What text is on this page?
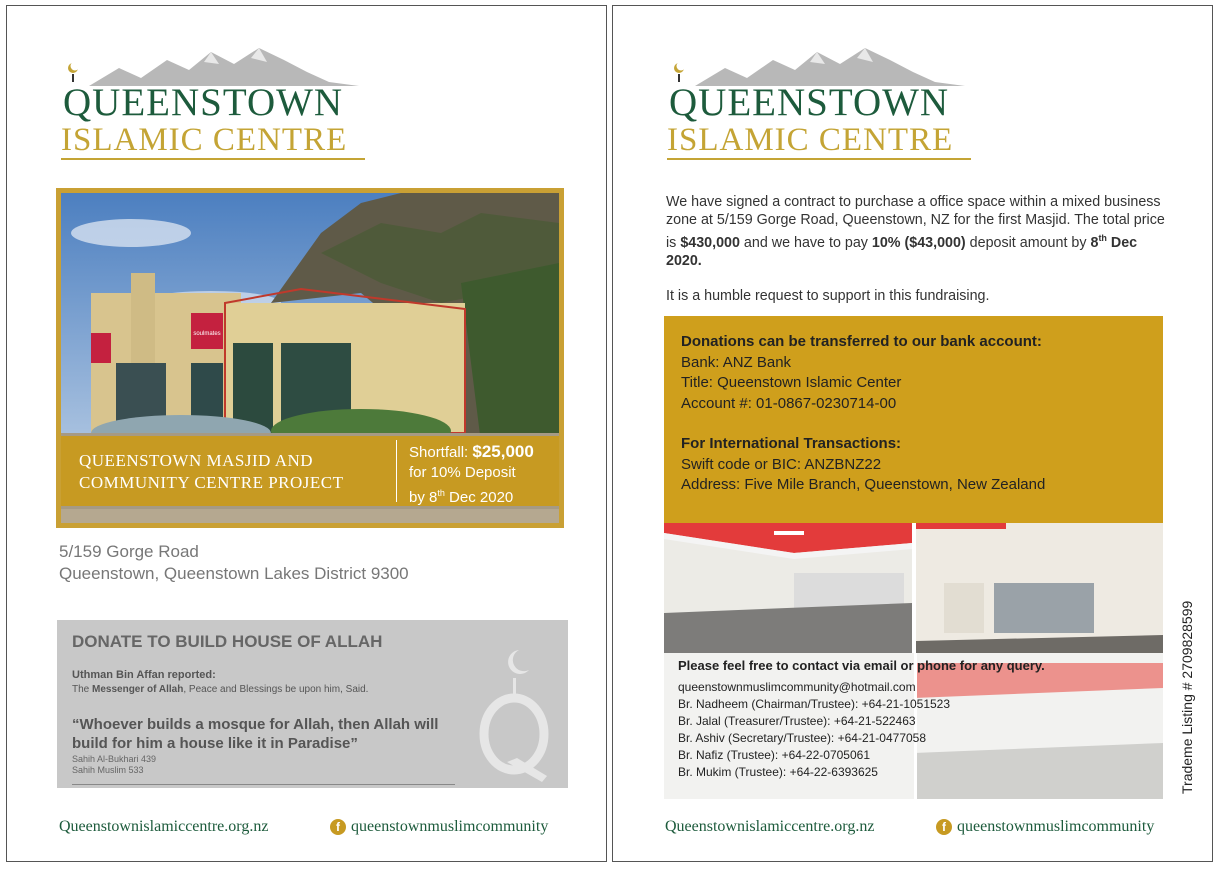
QUEENSTOWN
ISLAMIC CENTRE
soulmates
QUEENSTOWN MASJID AND COMMUNITY CENTRE PROJECT
Shortfall: $25,000
for 10% Deposit
by 8th Dec 2020
5/159 Gorge Road
Queenstown, Queenstown Lakes District 9300
DONATE TO BUILD HOUSE OF ALLAH
Uthman Bin Affan reported:
The Messenger of Allah, Peace and Blessings be upon him, Said.
“Whoever builds a mosque for Allah, then Allah will build for him a house like it in Paradise”
Sahih Al-Bukhari 439
Sahih Muslim 533
Queenstownislamiccentre.org.nz	f queenstownmuslimcommunity
QUEENSTOWN
ISLAMIC CENTRE
We have signed a contract to purchase a office space within a mixed business zone at 5/159 Gorge Road, Queenstown, NZ for the first Masjid. The total price is $430,000 and we have to pay 10% ($43,000) deposit amount by 8th Dec 2020.
It is a humble request to support in this fundraising.
Donations can be transferred to our bank account:
Bank: ANZ Bank
Title: Queenstown Islamic Center
Account #: 01-0867-0230714-00
For International Transactions:
Swift code or BIC: ANZBNZ22
Address: Five Mile Branch, Queenstown, New Zealand
Please feel free to contact via email or phone for any query.
queenstownmuslimcommunity@hotmail.com
Br. Nadheem (Chairman/Trustee): +64-21-1051523
Br. Jalal (Treasurer/Trustee): +64-21-522463
Br. Ashiv (Secretary/Trustee): +64-21-0477058
Br. Nafiz (Trustee): +64-22-0705061
Br. Mukim (Trustee): +64-22-6393625
Queenstownislamiccentre.org.nz	f queenstownmuslimcommunity
Trademe Listing # 2709828599
